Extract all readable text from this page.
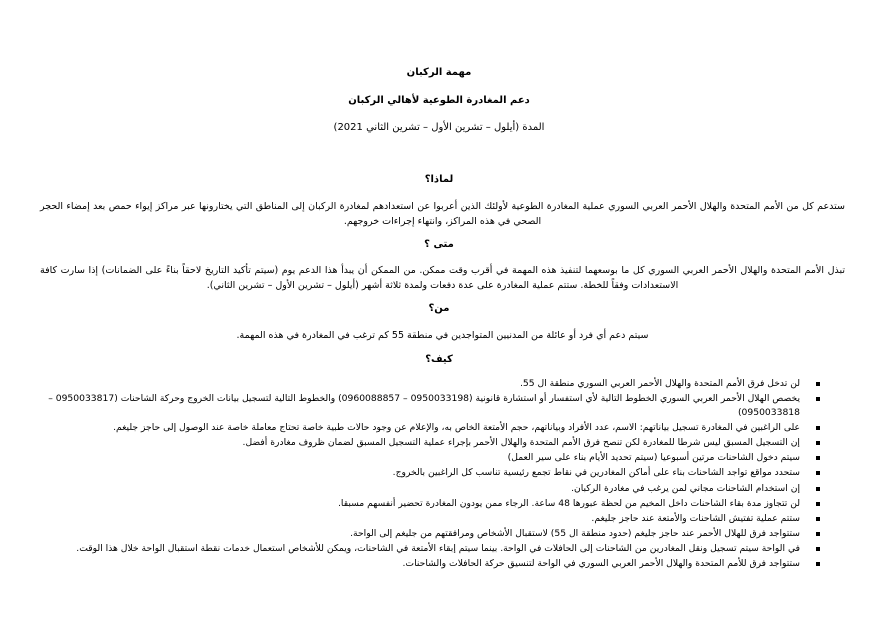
مهمة الركبان
دعم المغادرة الطوعية لأهالي الركبان
المدة (أيلول – تشرين الأول – تشرين الثاني 2021)
لماذا؟
ستدعم كل من الأمم المتحدة والهلال الأحمر العربي السوري عملية المغادرة الطوعية لأولئك الذين أعربوا عن استعدادهم لمغادرة الركبان إلى المناطق التي يختارونها عبر مراكز إيواء حمص بعد إمضاء الحجر الصحي في هذه المراكز، وانتهاء إجراءات خروجهم.
متى ؟
تبذل الأمم المتحدة والهلال الأحمر العربي السوري كل ما بوسعهما لتنفيذ هذه المهمة في أقرب وقت ممكن. من الممكن أن يبدأ هذا الدعم يوم (سيتم تأكيد التاريخ لاحقاً بناءً على الضمانات) إذا سارت كافة الاستعدادات وفقاً للخطة. ستتم عملية المغادرة على عدة دفعات ولمدة ثلاثة أشهر (أيلول – تشرين الأول – تشرين الثاني).
من؟
سيتم دعم أي فرد أو عائلة من المدنيين المتواجدين في منطقة 55 كم ترغب في المغادرة في هذه المهمة.
كيف؟
لن تدخل فرق الأمم المتحدة والهلال الأحمر العربي السوري منطقة ال 55.
يخصص الهلال الأحمر العربي السوري الخطوط التالية لأي استفسار أو استشارة قانونية (0950033198 – 0960088857) والخطوط التالية لتسجيل بيانات الخروج وحركة الشاحنات (0950033817 – 0950033818)
على الراغبين في المغادرة تسجيل بياناتهم: الاسم، عدد الأفراد وبياناتهم، حجم الأمتعة الخاص به، والإعلام عن وجود حالات طبية خاصة تحتاج معاملة خاصة عند الوصول إلى حاجز جليغم.
إن التسجيل المسبق ليس شرطا للمغادرة لكن تنصح فرق الأمم المتحدة والهلال الأحمر بإجراء عملية التسجيل المسبق لضمان ظروف مغادرة أفضل.
سيتم دخول الشاحنات مرتين أسبوعيا (سيتم تحديد الأيام بناء على سير العمل)
ستحدد مواقع تواجد الشاحنات بناء على أماكن المغادرين في نقاط تجمع رئيسية تناسب كل الراغبين بالخروج.
إن استخدام الشاحنات مجاني لمن يرغب في مغادرة الركبان.
لن تتجاوز مدة بقاء الشاحنات داخل المخيم من لحظة عبورها 48 ساعة. الرجاء ممن يودون المغادرة تحضير أنفسهم مسبقا.
ستتم عملية تفتيش الشاحنات والأمتعة عند حاجز جليغم.
ستتواجد فرق للهلال الأحمر عند حاجز جليغم (حدود منطقة ال 55) لاستقبال الأشخاص ومرافقتهم من جليغم إلى الواحة.
في الواحة سيتم تسجيل ونقل المغادرين من الشاحنات إلى الحافلات في الواحة. بينما سيتم إبقاء الأمتعة في الشاحنات، ويمكن للأشخاص استعمال خدمات نقطة استقبال الواحة خلال هذا الوقت.
ستتواجد فرق للأمم المتحدة والهلال الأحمر العربي السوري في الواحة لتنسيق حركة الحافلات والشاحنات.
